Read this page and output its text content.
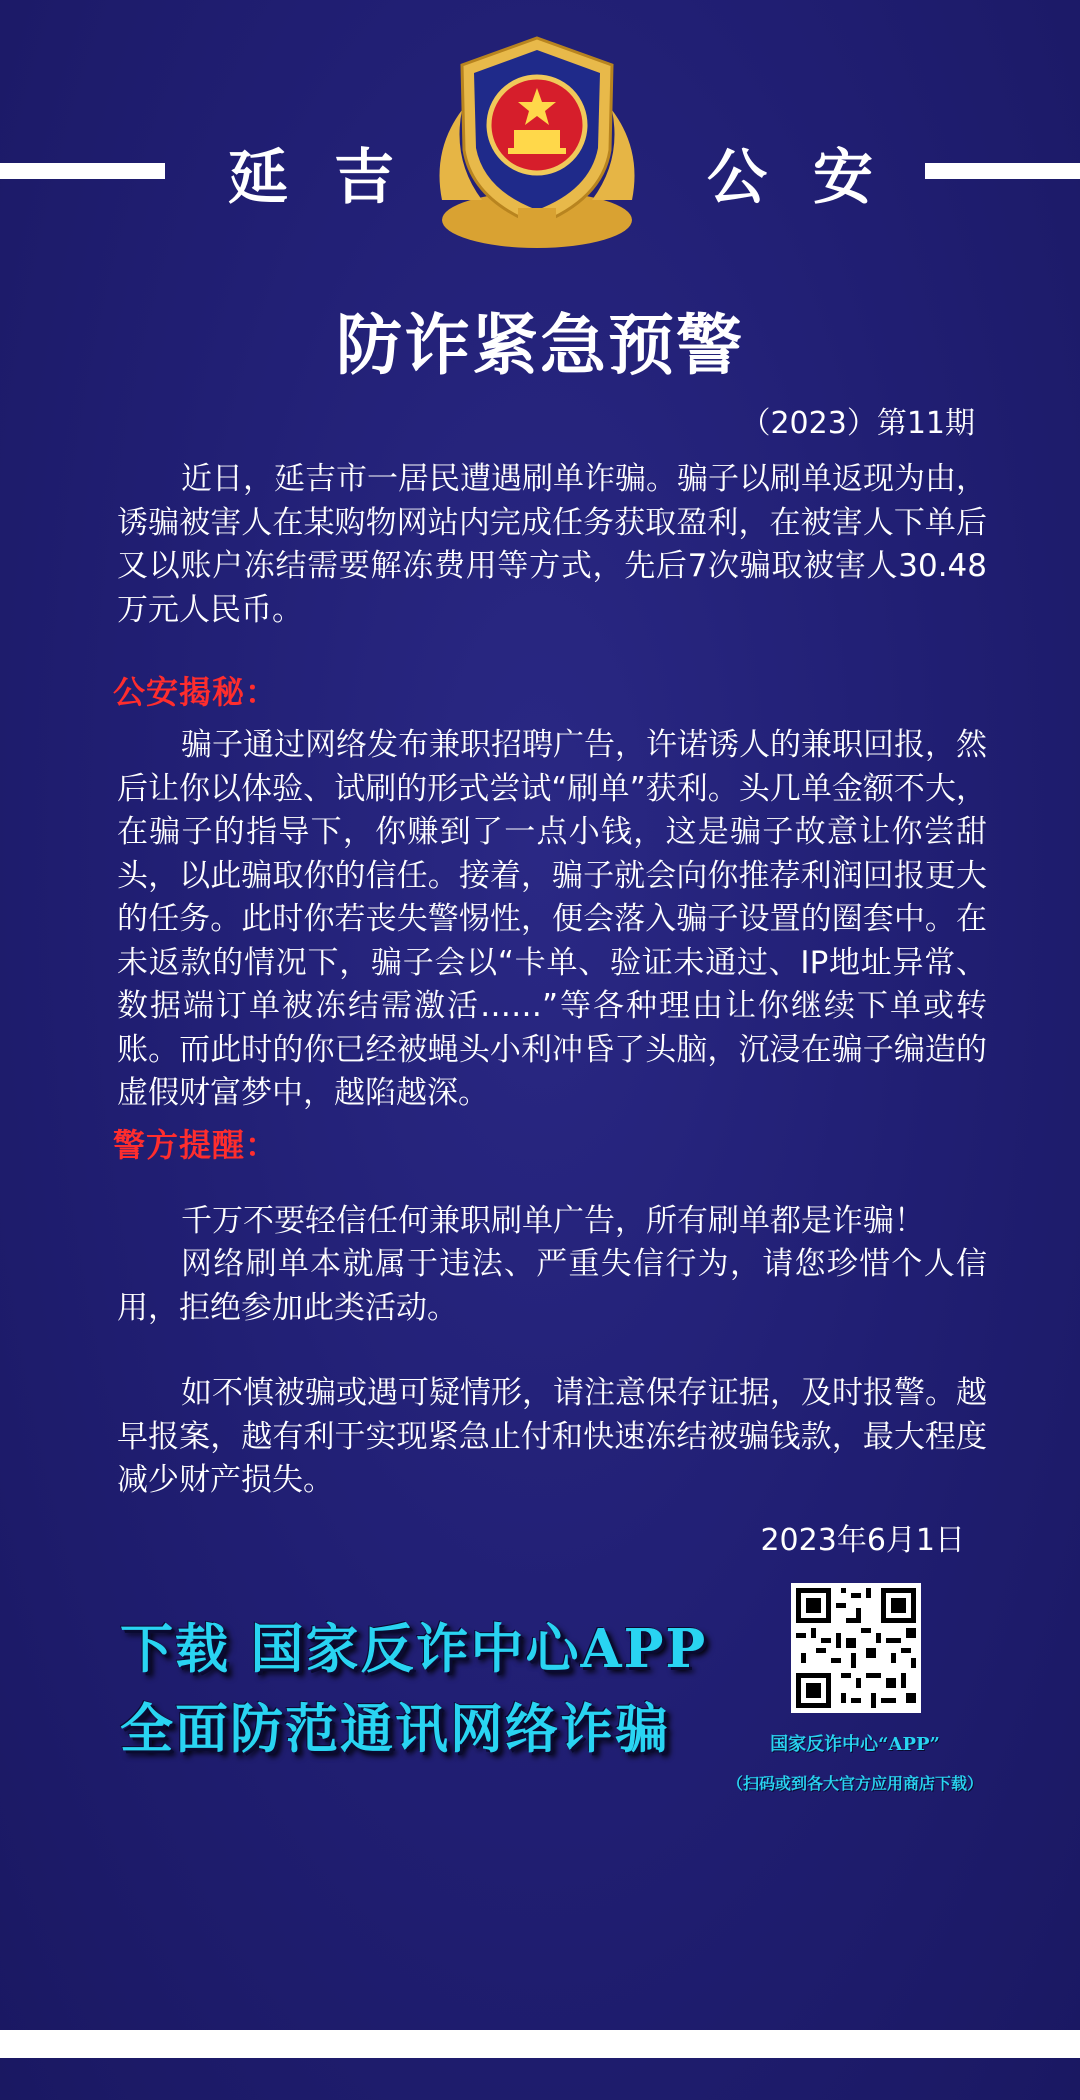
延吉	公安
防诈紧急预警
（2023）第11期
近日，延吉市一居民遭遇刷单诈骗。骗子以刷单返现为由，诱骗被害人在某购物网站内完成任务获取盈利，在被害人下单后又以账户冻结需要解冻费用等方式，先后7次骗取被害人30.48万元人民币。
公安揭秘：
骗子通过网络发布兼职招聘广告，许诺诱人的兼职回报，然后让你以体验、试刷的形式尝试“刷单”获利。头几单金额不大，在骗子的指导下，你赚到了一点小钱，这是骗子故意让你尝甜头，以此骗取你的信任。接着，骗子就会向你推荐利润回报更大的任务。此时你若丧失警惕性，便会落入骗子设置的圈套中。在未返款的情况下，骗子会以“卡单、验证未通过、IP地址异常、数据端订单被冻结需激活……”等各种理由让你继续下单或转账。而此时的你已经被蝇头小利冲昏了头脑，沉浸在骗子编造的虚假财富梦中，越陷越深。
警方提醒：
千万不要轻信任何兼职刷单广告，所有刷单都是诈骗！
网络刷单本就属于违法、严重失信行为，请您珍惜个人信用，拒绝参加此类活动。
如不慎被骗或遇可疑情形，请注意保存证据，及时报警。越早报案，越有利于实现紧急止付和快速冻结被骗钱款，最大程度减少财产损失。
2023年6月1日
下载 国家反诈中心APP
全面防范通讯网络诈骗	国家反诈中心“APP”
（扫码或到各大官方应用商店下载）
